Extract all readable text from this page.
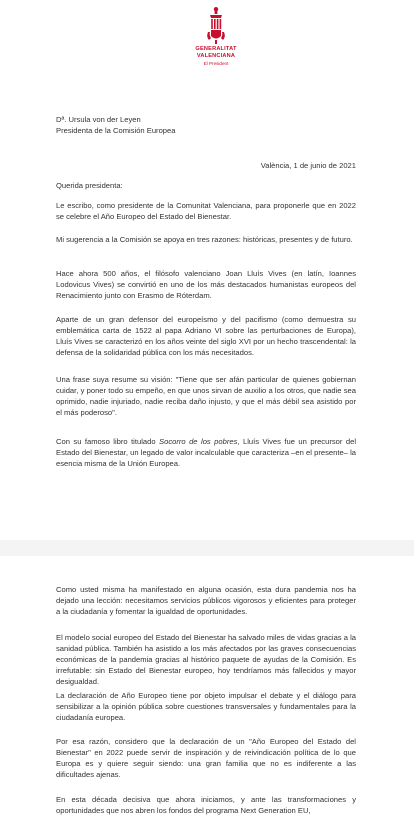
GENERALITAT
VALENCIANA
El President

Dª. Ursula von der Leyen

Presidenta de la Comisión Europea

València, 1 de junio de 2021
Querida presidenta:
Le escribo, como presidente de la Comunitat Valenciana, para proponerle que en 2022 se celebre el Año Europeo del Estado del Bienestar.
Mi sugerencia a la Comisión se apoya en tres razones: históricas, presentes y de futuro.
Hace ahora 500 años, el filósofo valenciano Joan Lluís Vives (en latín, Ioannes Lodovicus Vives) se convirtió en uno de los más destacados humanistas europeos del Renacimiento junto con Erasmo de Róterdam.
Aparte de un gran defensor del europeísmo y del pacifismo (como demuestra su emblemática carta de 1522 al papa Adriano VI sobre las perturbaciones de Europa), Lluís Vives se caracterizó en los años veinte del siglo XVI por un hecho trascendental: la defensa de la solidaridad pública con los más necesitados.
Una frase suya resume su visión: "Tiene que ser afán particular de quienes gobiernan cuidar, y poner todo su empeño, en que unos sirvan de auxilio a los otros, que nadie sea oprimido, nadie injuriado, nadie reciba daño injusto, y que el más débil sea asistido por el más poderoso".
Con su famoso libro titulado Socorro de los pobres, Lluís Vives fue un precursor del Estado del Bienestar, un legado de valor incalculable que caracteriza –en el presente– la esencia misma de la Unión Europea.
Como usted misma ha manifestado en alguna ocasión, esta dura pandemia nos ha dejado una lección: necesitamos servicios públicos vigorosos y eficientes para proteger a la ciudadanía y fomentar la igualdad de oportunidades.
El modelo social europeo del Estado del Bienestar ha salvado miles de vidas gracias a la sanidad pública. También ha asistido a los más afectados por las graves consecuencias económicas de la pandemia gracias al histórico paquete de ayudas de la Comisión. Es irrefutable: sin Estado del Bienestar europeo, hoy tendríamos más fallecidos y mayor desigualdad.
La declaración de Año Europeo tiene por objeto impulsar el debate y el diálogo para sensibilizar a la opinión pública sobre cuestiones transversales y fundamentales para la ciudadanía europea.
Por esa razón, considero que la declaración de un "Año Europeo del Estado del Bienestar" en 2022 puede servir de inspiración y de reivindicación política de lo que Europa es y quiere seguir siendo: una gran familia que no es indiferente a las dificultades ajenas.
En esta década decisiva que ahora iniciamos, y ante las transformaciones y oportunidades que nos abren los fondos del programa Next Generation EU,
